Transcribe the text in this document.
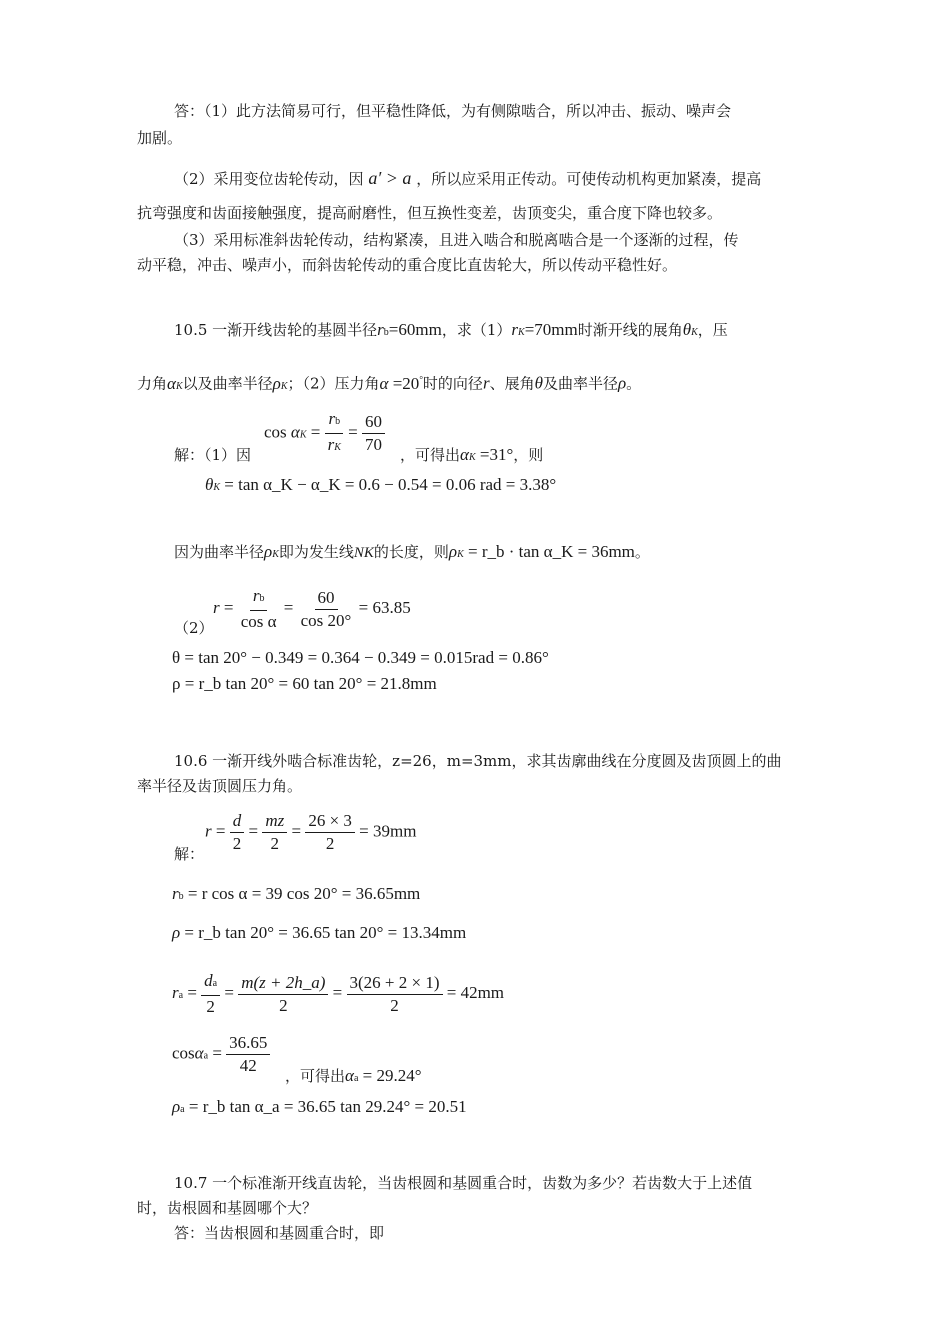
答：（1）此方法简易可行，但平稳性降低，为有侧隙啮合，所以冲击、振动、噪声会
加剧。
（2）采用变位齿轮传动，因 a′ > a ，所以应采用正传动。可使传动机构更加紧凑，提高
抗弯强度和齿面接触强度，提高耐磨性，但互换性变差，齿顶变尖，重合度下降也较多。
（3）采用标准斜齿轮传动，结构紧凑，且进入啮合和脱离啮合是一个逐渐的过程，传
动平稳，冲击、噪声小，而斜齿轮传动的重合度比直齿轮大，所以传动平稳性好。
10.5 一渐开线齿轮的基圆半径rb=60mm，求（1）rK=70mm时渐开线的展角θK，压
力角αK以及曲率半径ρK；（2）压力角α =20°时的向径r、展角θ及曲率半径ρ。
$\cos \alpha K = \frac{rb}{rK} = \frac{60}{70}$
解：（1）因	，可得出αK =31°，则
θK = tan α_K − α_K = 0.6 − 0.54 = 0.06 rad = 3.38°
因为曲率半径ρK即为发生线NK的长度，则ρK = r_b · tan α_K = 36mm。
（2）
$r = \frac{rb}{\text{cos α}} = \frac{60}{\cos 20^\circ} = 63.85$
θ = tan 20° − 0.349 = 0.364 − 0.349 = 0.015rad = 0.86°
ρ = r_b tan 20° = 60 tan 20° = 21.8mm
10.6 一渐开线外啮合标准齿轮，z=26，m=3mm，求其齿廓曲线在分度圆及齿顶圆上的曲
率半径及齿顶圆压力角。
解：
$r = \frac{d}{2} = \frac{mz}{2} = \frac{26 \times 3}{2} = 39mm$
rb = r cos α = 39 cos 20° = 36.65mm
ρ = r_b tan 20° = 36.65 tan 20° = 13.34mm
ra = $\frac{da}{2} = \frac{m(z + 2h\_a)}{2} = \frac{3(26 + 2 \times 1)}{2} = 42mm$
$\cos\alpha a = \frac{36.65}{42}$ ，可得出αa = 29.24°
ρa = r_b tan α_a = 36.65 tan 29.24° = 20.51
10.7 一个标准渐开线直齿轮，当齿根圆和基圆重合时，齿数为多少？若齿数大于上述值
时，齿根圆和基圆哪个大？
答：当齿根圆和基圆重合时，即
